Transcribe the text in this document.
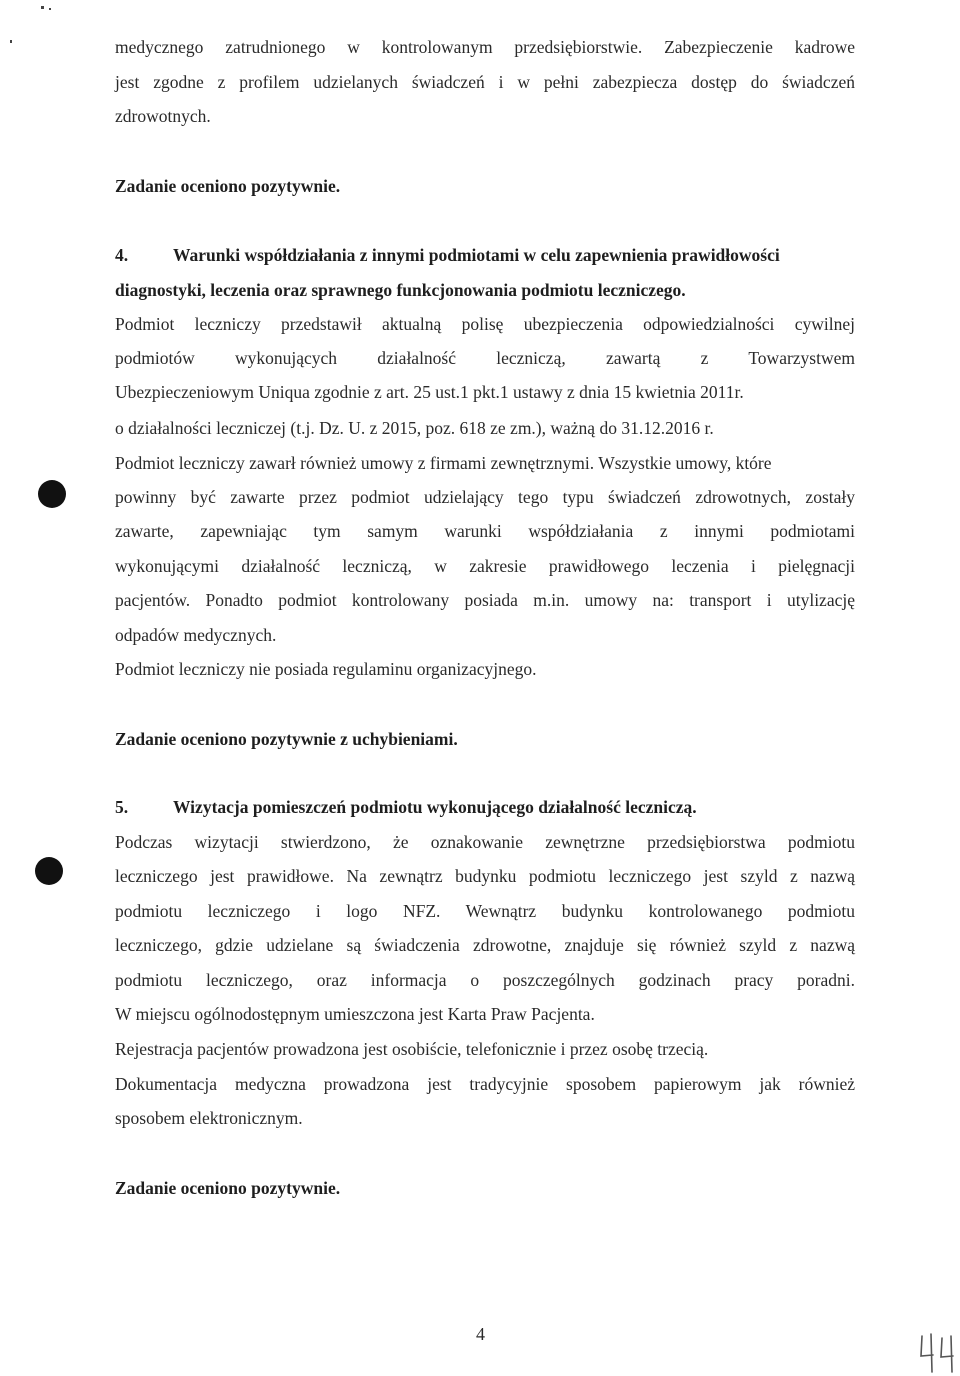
medycznego zatrudnionego w kontrolowanym przedsiębiorstwie. Zabezpieczenie kadrowe
jest zgodne z profilem udzielanych świadczeń i w pełni zabezpiecza dostęp do świadczeń
zdrowotnych.
Zadanie oceniono pozytywnie.
4.	Warunki współdziałania z innymi podmiotami w celu zapewnienia prawidłowości
diagnostyki, leczenia oraz sprawnego funkcjonowania podmiotu leczniczego.
Podmiot leczniczy przedstawił aktualną polisę ubezpieczenia odpowiedzialności cywilnej
podmiotów wykonujących działalność leczniczą, zawartą z Towarzystwem
Ubezpieczeniowym Uniqua zgodnie z art. 25 ust.1 pkt.1 ustawy z dnia 15 kwietnia 2011r.
o działalności leczniczej (t.j. Dz. U. z 2015, poz. 618 ze zm.), ważną do 31.12.2016 r.
Podmiot leczniczy zawarł również umowy z firmami zewnętrznymi. Wszystkie umowy, które
powinny być zawarte przez podmiot udzielający tego typu świadczeń zdrowotnych, zostały
zawarte, zapewniając tym samym warunki współdziałania z innymi podmiotami
wykonującymi działalność leczniczą, w zakresie prawidłowego leczenia i pielęgnacji
pacjentów. Ponadto podmiot kontrolowany posiada m.in. umowy na: transport i utylizację
odpadów medycznych.
Podmiot leczniczy nie posiada regulaminu organizacyjnego.
Zadanie oceniono pozytywnie z uchybieniami.
5.	Wizytacja pomieszczeń podmiotu wykonującego działalność leczniczą.
Podczas wizytacji stwierdzono, że oznakowanie zewnętrzne przedsiębiorstwa podmiotu
leczniczego jest prawidłowe. Na zewnątrz budynku podmiotu leczniczego jest szyld z nazwą
podmiotu leczniczego i logo NFZ. Wewnątrz budynku kontrolowanego podmiotu
leczniczego, gdzie udzielane są świadczenia zdrowotne, znajduje się również szyld z nazwą
podmiotu leczniczego, oraz informacja o poszczególnych godzinach pracy poradni.
W miejscu ogólnodostępnym umieszczona jest Karta Praw Pacjenta.
Rejestracja pacjentów prowadzona jest osobiście, telefonicznie i przez osobę trzecią.
Dokumentacja medyczna prowadzona jest tradycyjnie sposobem papierowym jak również
sposobem elektronicznym.
Zadanie oceniono pozytywnie.
4
